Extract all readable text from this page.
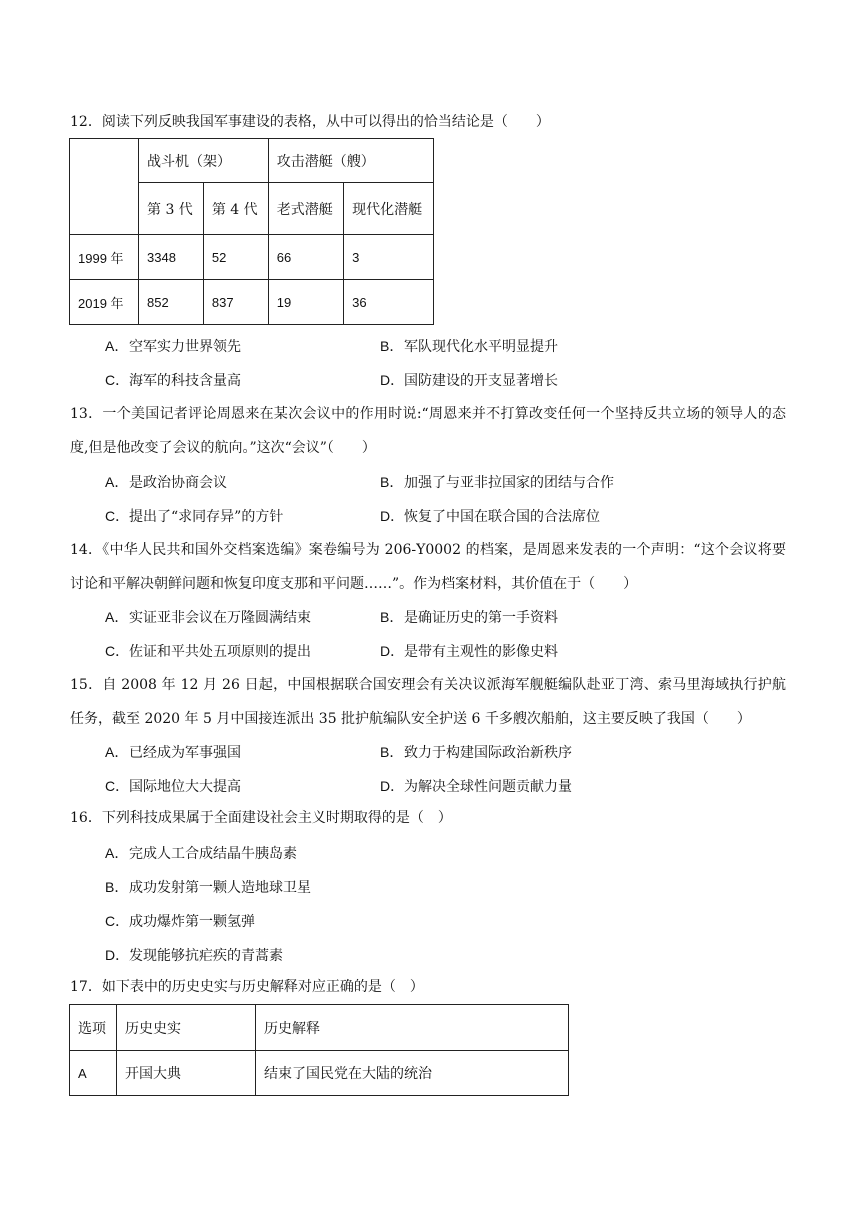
12．阅读下列反映我国军事建设的表格，从中可以得出的恰当结论是（　　）
	战斗机（架）		攻击潜艇（艘）	
	第 3 代	第 4 代	老式潜艇	现代化潜艇
1999 年	3348	52	66	3
2019 年	852	837	19	36
A．空军实力世界领先	B．军队现代化水平明显提升
C．海军的科技含量高	D．国防建设的开支显著增长
13．一个美国记者评论周恩来在某次会议中的作用时说:“周恩来并不打算改变任何一个坚持反共立场的领导人的态度,但是他改变了会议的航向。”这次“会议”（　　）
A．是政治协商会议	B．加强了与亚非拉国家的团结与合作
C．提出了“求同存异”的方针	D．恢复了中国在联合国的合法席位
14．《中华人民共和国外交档案选编》案卷编号为 206-Y0002 的档案，是周恩来发表的一个声明：“这个会议将要讨论和平解决朝鲜问题和恢复印度支那和平问题……”。作为档案材料，其价值在于（　　）
A．实证亚非会议在万隆圆满结束	B．是确证历史的第一手资料
C．佐证和平共处五项原则的提出	D．是带有主观性的影像史料
15．自 2008 年 12 月 26 日起，中国根据联合国安理会有关决议派海军舰艇编队赴亚丁湾、索马里海域执行护航任务，截至 2020 年 5 月中国接连派出 35 批护航编队安全护送 6 千多艘次船舶，这主要反映了我国（　　）
A．已经成为军事强国	B．致力于构建国际政治新秩序
C．国际地位大大提高	D．为解决全球性问题贡献力量
16．下列科技成果属于全面建设社会主义时期取得的是（　）
A．完成人工合成结晶牛胰岛素
B．成功发射第一颗人造地球卫星
C．成功爆炸第一颗氢弹
D．发现能够抗疟疾的青蒿素
17．如下表中的历史史实与历史解释对应正确的是（　）
选项	历史史实	历史解释
A	开国大典	结束了国民党在大陆的统治
